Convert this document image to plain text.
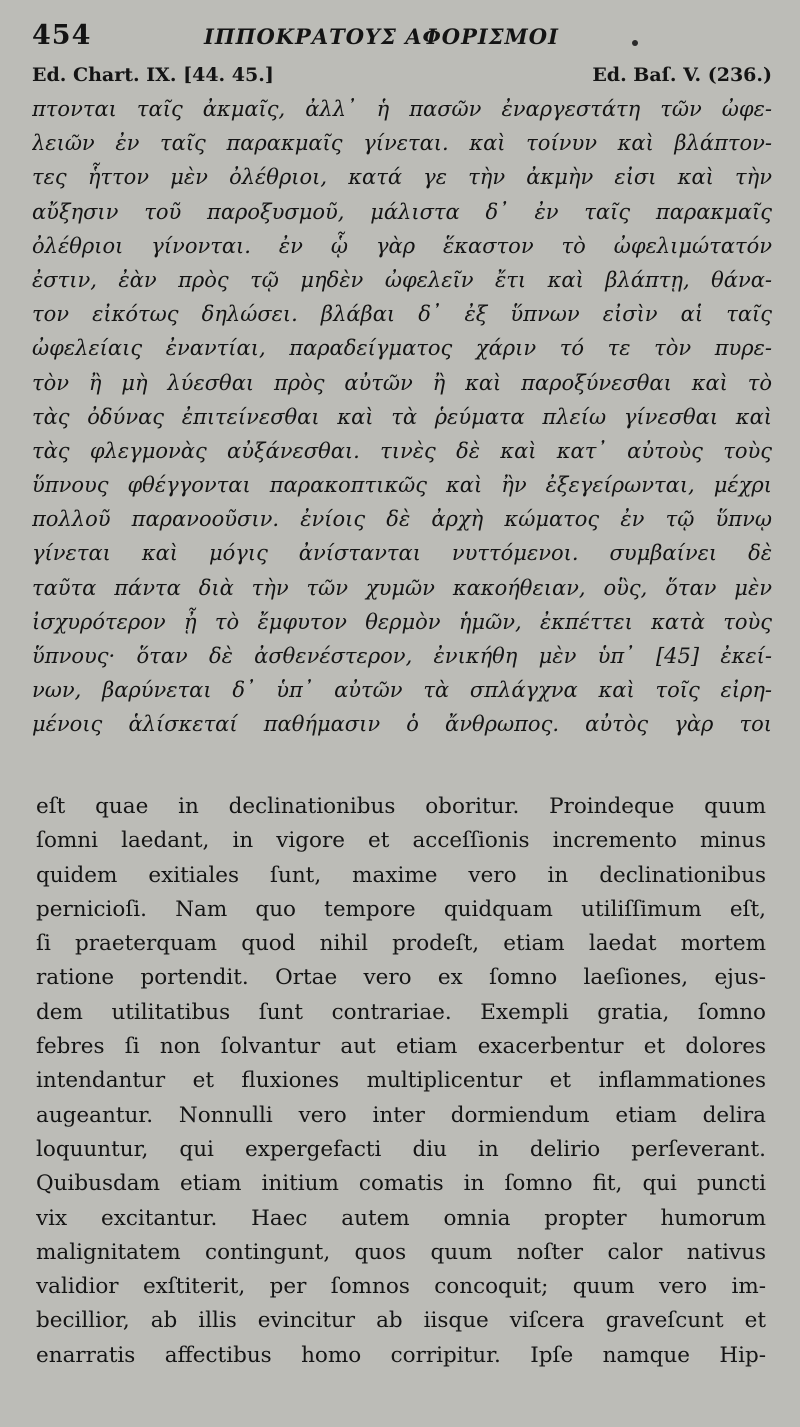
454	ΙΠΠΟΚΡΑΤΟΥΣ ΑΦΟΡΙΣΜΟΙ
Ed. Chart. IX. [44. 45.]	Ed. Baſ. V. (236.)
πτονται ταῖς ἀκμαῖς, ἀλλ᾽ ἡ πασῶν ἐναργεστάτη τῶν ὠφε-
λειῶν ἐν ταῖς παρακμαῖς γίνεται. καὶ τοίνυν καὶ βλάπτον-
τες ἧττον μὲν ὀλέθριοι, κατά γε τὴν ἀκμὴν εἰσι καὶ τὴν
αὔξησιν τοῦ παροξυσμοῦ, μάλιστα δ᾽ ἐν ταῖς παρακμαῖς
ὀλέθριοι γίνονται. ἐν ᾧ γὰρ ἕκαστον τὸ ὠφελιμώτατόν
ἐστιν, ἐὰν πρὸς τῷ μηδὲν ὠφελεῖν ἔτι καὶ βλάπτῃ, θάνα-
τον εἰκότως δηλώσει. βλάβαι δ᾽ ἐξ ὕπνων εἰσὶν αἱ ταῖς
ὠφελείαις ἐναντίαι, παραδείγματος χάριν τό τε τὸν πυρε-
τὸν ἢ μὴ λύεσθαι πρὸς αὐτῶν ἢ καὶ παροξύνεσθαι καὶ τὸ
τὰς ὀδύνας ἐπιτείνεσθαι καὶ τὰ ῥεύματα πλείω γίνεσθαι καὶ
τὰς φλεγμονὰς αὐξάνεσθαι. τινὲς δὲ καὶ κατ᾽ αὐτοὺς τοὺς
ὕπνους φθέγγονται παρακοπτικῶς καὶ ἢν ἐξεγείρωνται, μέχρι
πολλοῦ παρανοοῦσιν. ἐνίοις δὲ ἀρχὴ κώματος ἐν τῷ ὕπνῳ
γίνεται καὶ μόγις ἀνίστανται νυττόμενοι. συμβαίνει δὲ
ταῦτα πάντα διὰ τὴν τῶν χυμῶν κακοήθειαν, οὓς, ὅταν μὲν
ἰσχυρότερον ᾖ τὸ ἔμφυτον θερμὸν ἡμῶν, ἐκπέττει κατὰ τοὺς
ὕπνους· ὅταν δὲ ἀσθενέστερον, ἐνικήθη μὲν ὑπ᾽ [45] ἐκεί-
νων, βαρύνεται δ᾽ ὑπ᾽ αὐτῶν τὰ σπλάγχνα καὶ τοῖς εἰρη-
μένοις ἁλίσκεταί παθήμασιν ὁ ἄνθρωπος. αὐτὸς γὰρ τοι
eſt quae in declinationibus oboritur. Proindeque quum
ſomni laedant, in vigore et acceſſionis incremento minus
quidem exitiales ſunt, maxime vero in declinationibus
pernicioſi. Nam quo tempore quidquam utiliſſimum eſt,
ſi praeterquam quod nihil prodeſt, etiam laedat mortem
ratione portendit. Ortae vero ex ſomno laeſiones, ejus-
dem utilitatibus ſunt contrariae. Exempli gratia, ſomno
febres ſi non ſolvantur aut etiam exacerbentur et dolores
intendantur et fluxiones multiplicentur et inflammationes
augeantur. Nonnulli vero inter dormiendum etiam delira
loquuntur, qui expergefacti diu in delirio perſeverant.
Quibusdam etiam initium comatis in ſomno fit, qui puncti
vix excitantur. Haec autem omnia propter humorum
malignitatem contingunt, quos quum noſter calor nativus
validior exſtiterit, per ſomnos concoquit; quum vero im-
becillior, ab illis evincitur ab iisque viſcera graveſcunt et
enarratis affectibus homo corripitur. Ipſe namque Hip-
